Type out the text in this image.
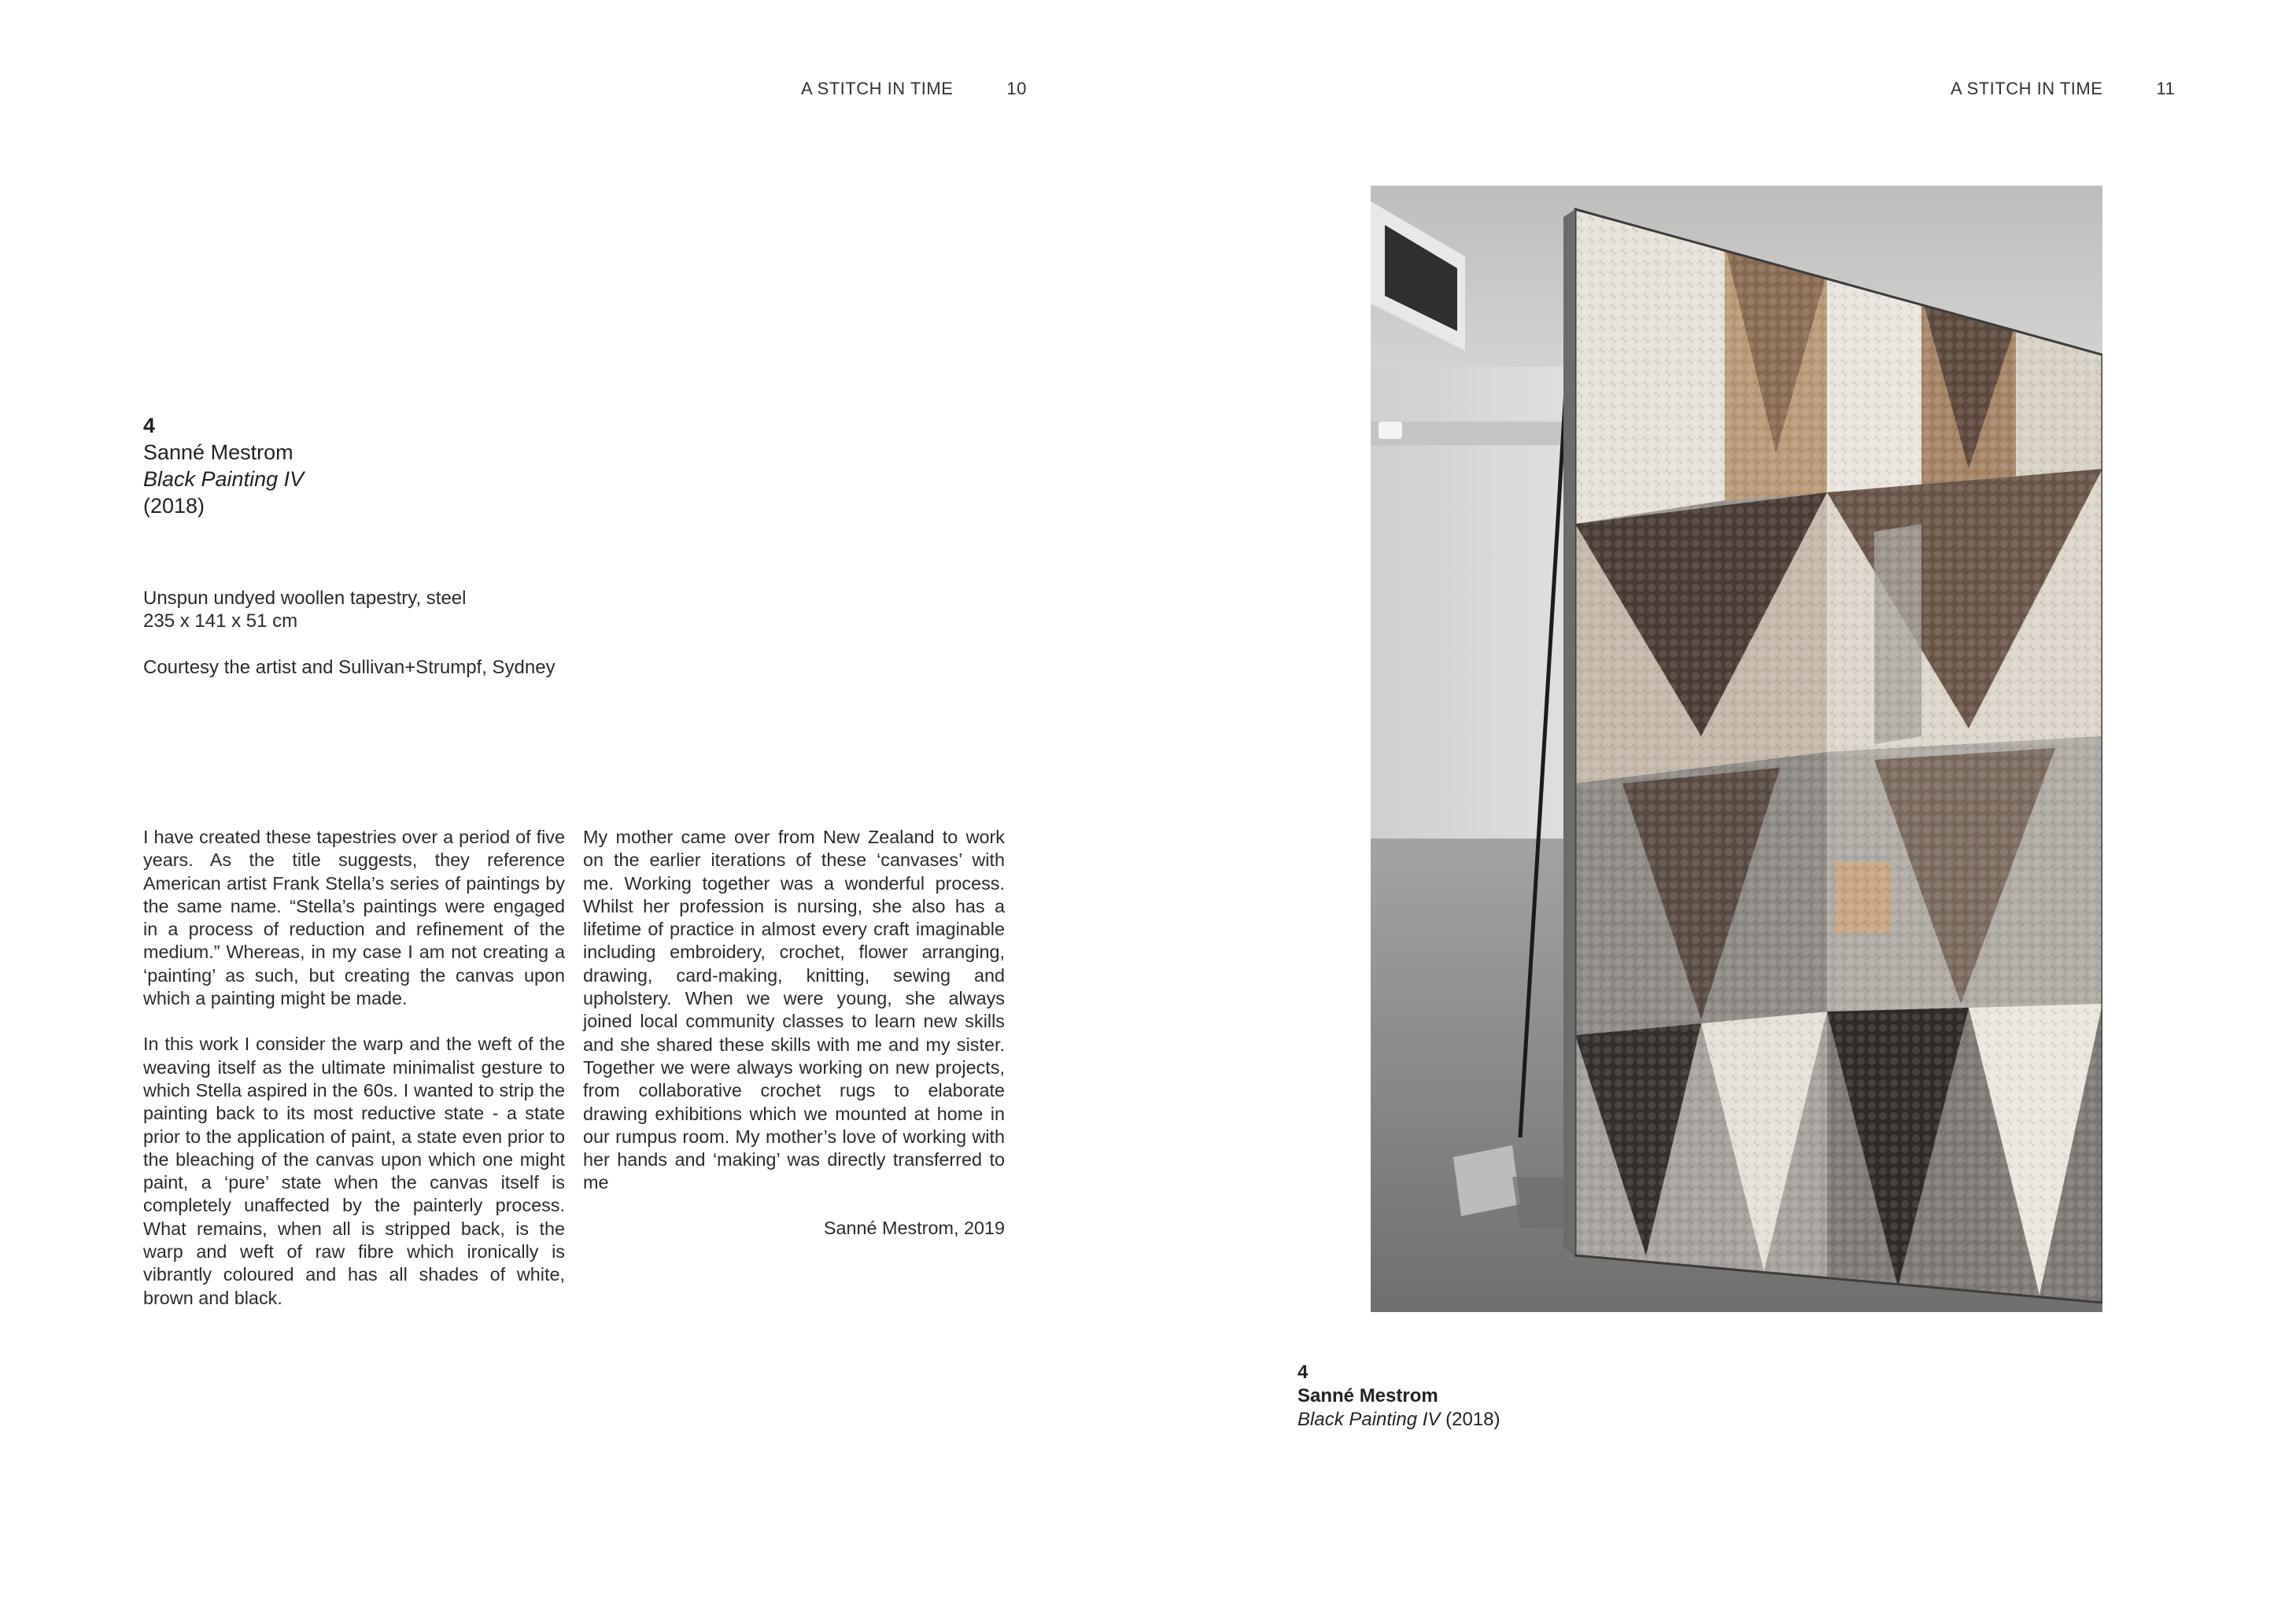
A STITCH IN TIME	10
4
Sanné Mestrom
Black Painting IV
(2018)
Unspun undyed woollen tapestry, steel
235 x 141 x 51 cm
Courtesy the artist and Sullivan+Strumpf, Sydney

I have created these tapestries over a period of five years. As the title suggests, they reference American artist Frank Stella’s series of paintings by the same name. “Stella’s paintings were engaged in a process of reduction and refinement of the medium.” Whereas, in my case I am not creating a ‘painting’ as such, but creating the canvas upon which a painting might be made.

In this work I consider the warp and the weft of the weaving itself as the ultimate minimalist gesture to which Stella aspired in the 60s. I wanted to strip the painting back to its most reductive state - a state prior to the application of paint, a state even prior to the bleaching of the canvas upon which one might paint, a ‘pure’ state when the canvas itself is completely unaffected by the painterly process. What remains, when all is stripped back, is the warp and weft of raw fibre which ironically is vibrantly coloured and has all shades of white, brown and black.

My mother came over from New Zealand to work on the earlier iterations of these ‘canvases’ with me. Working together was a wonderful process. Whilst her profession is nursing, she also has a lifetime of practice in almost every craft imaginable including embroidery, crochet, flower arranging, drawing, card-making, knitting, sewing and upholstery. When we were young, she always joined local community classes to learn new skills and she shared these skills with me and my sister. Together we were always working on new projects, from collaborative crochet rugs to elaborate drawing exhibitions which we mounted at home in our rumpus room. My mother’s love of working with her hands and ‘making’ was directly transferred to me

Sanné Mestrom, 2019
A STITCH IN TIME	11
4
Sanné Mestrom
Black Painting IV (2018)
